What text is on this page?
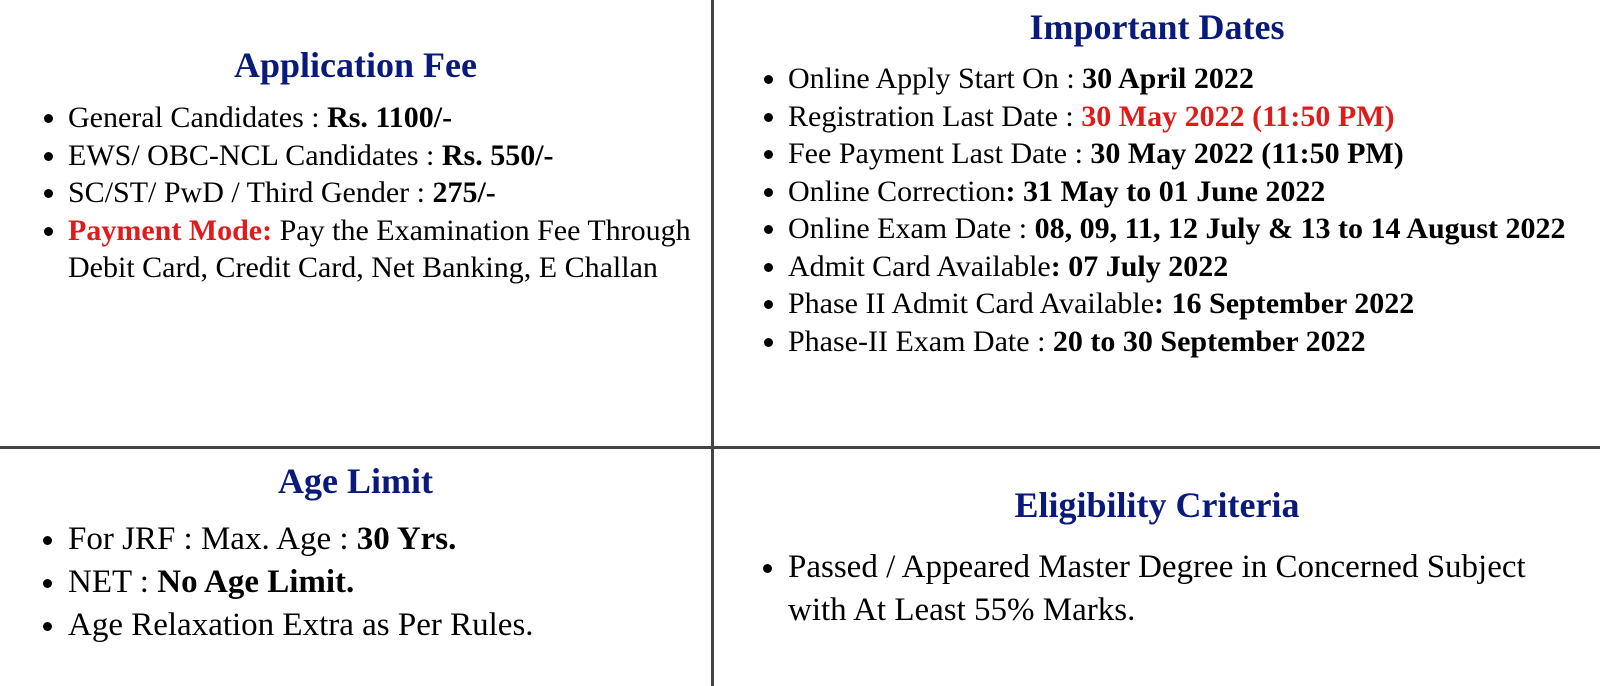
Application Fee
• General Candidates : Rs. 1100/-
• EWS/ OBC-NCL Candidates : Rs. 550/-
• SC/ST/ PwD / Third Gender : 275/-
• Payment Mode: Pay the Examination Fee Through Debit Card, Credit Card, Net Banking, E Challan
Important Dates
• Online Apply Start On : 30 April 2022
• Registration Last Date : 30 May 2022 (11:50 PM)
• Fee Payment Last Date : 30 May 2022 (11:50 PM)
• Online Correction: 31 May to 01 June 2022
• Online Exam Date : 08, 09, 11, 12 July & 13 to 14 August 2022
• Admit Card Available: 07 July 2022
• Phase II Admit Card Available: 16 September 2022
• Phase-II Exam Date : 20 to 30 September 2022
Age Limit
• For JRF : Max. Age : 30 Yrs.
• NET : No Age Limit.
• Age Relaxation Extra as Per Rules.
Eligibility Criteria
• Passed / Appeared Master Degree in Concerned Subject with At Least 55% Marks.
